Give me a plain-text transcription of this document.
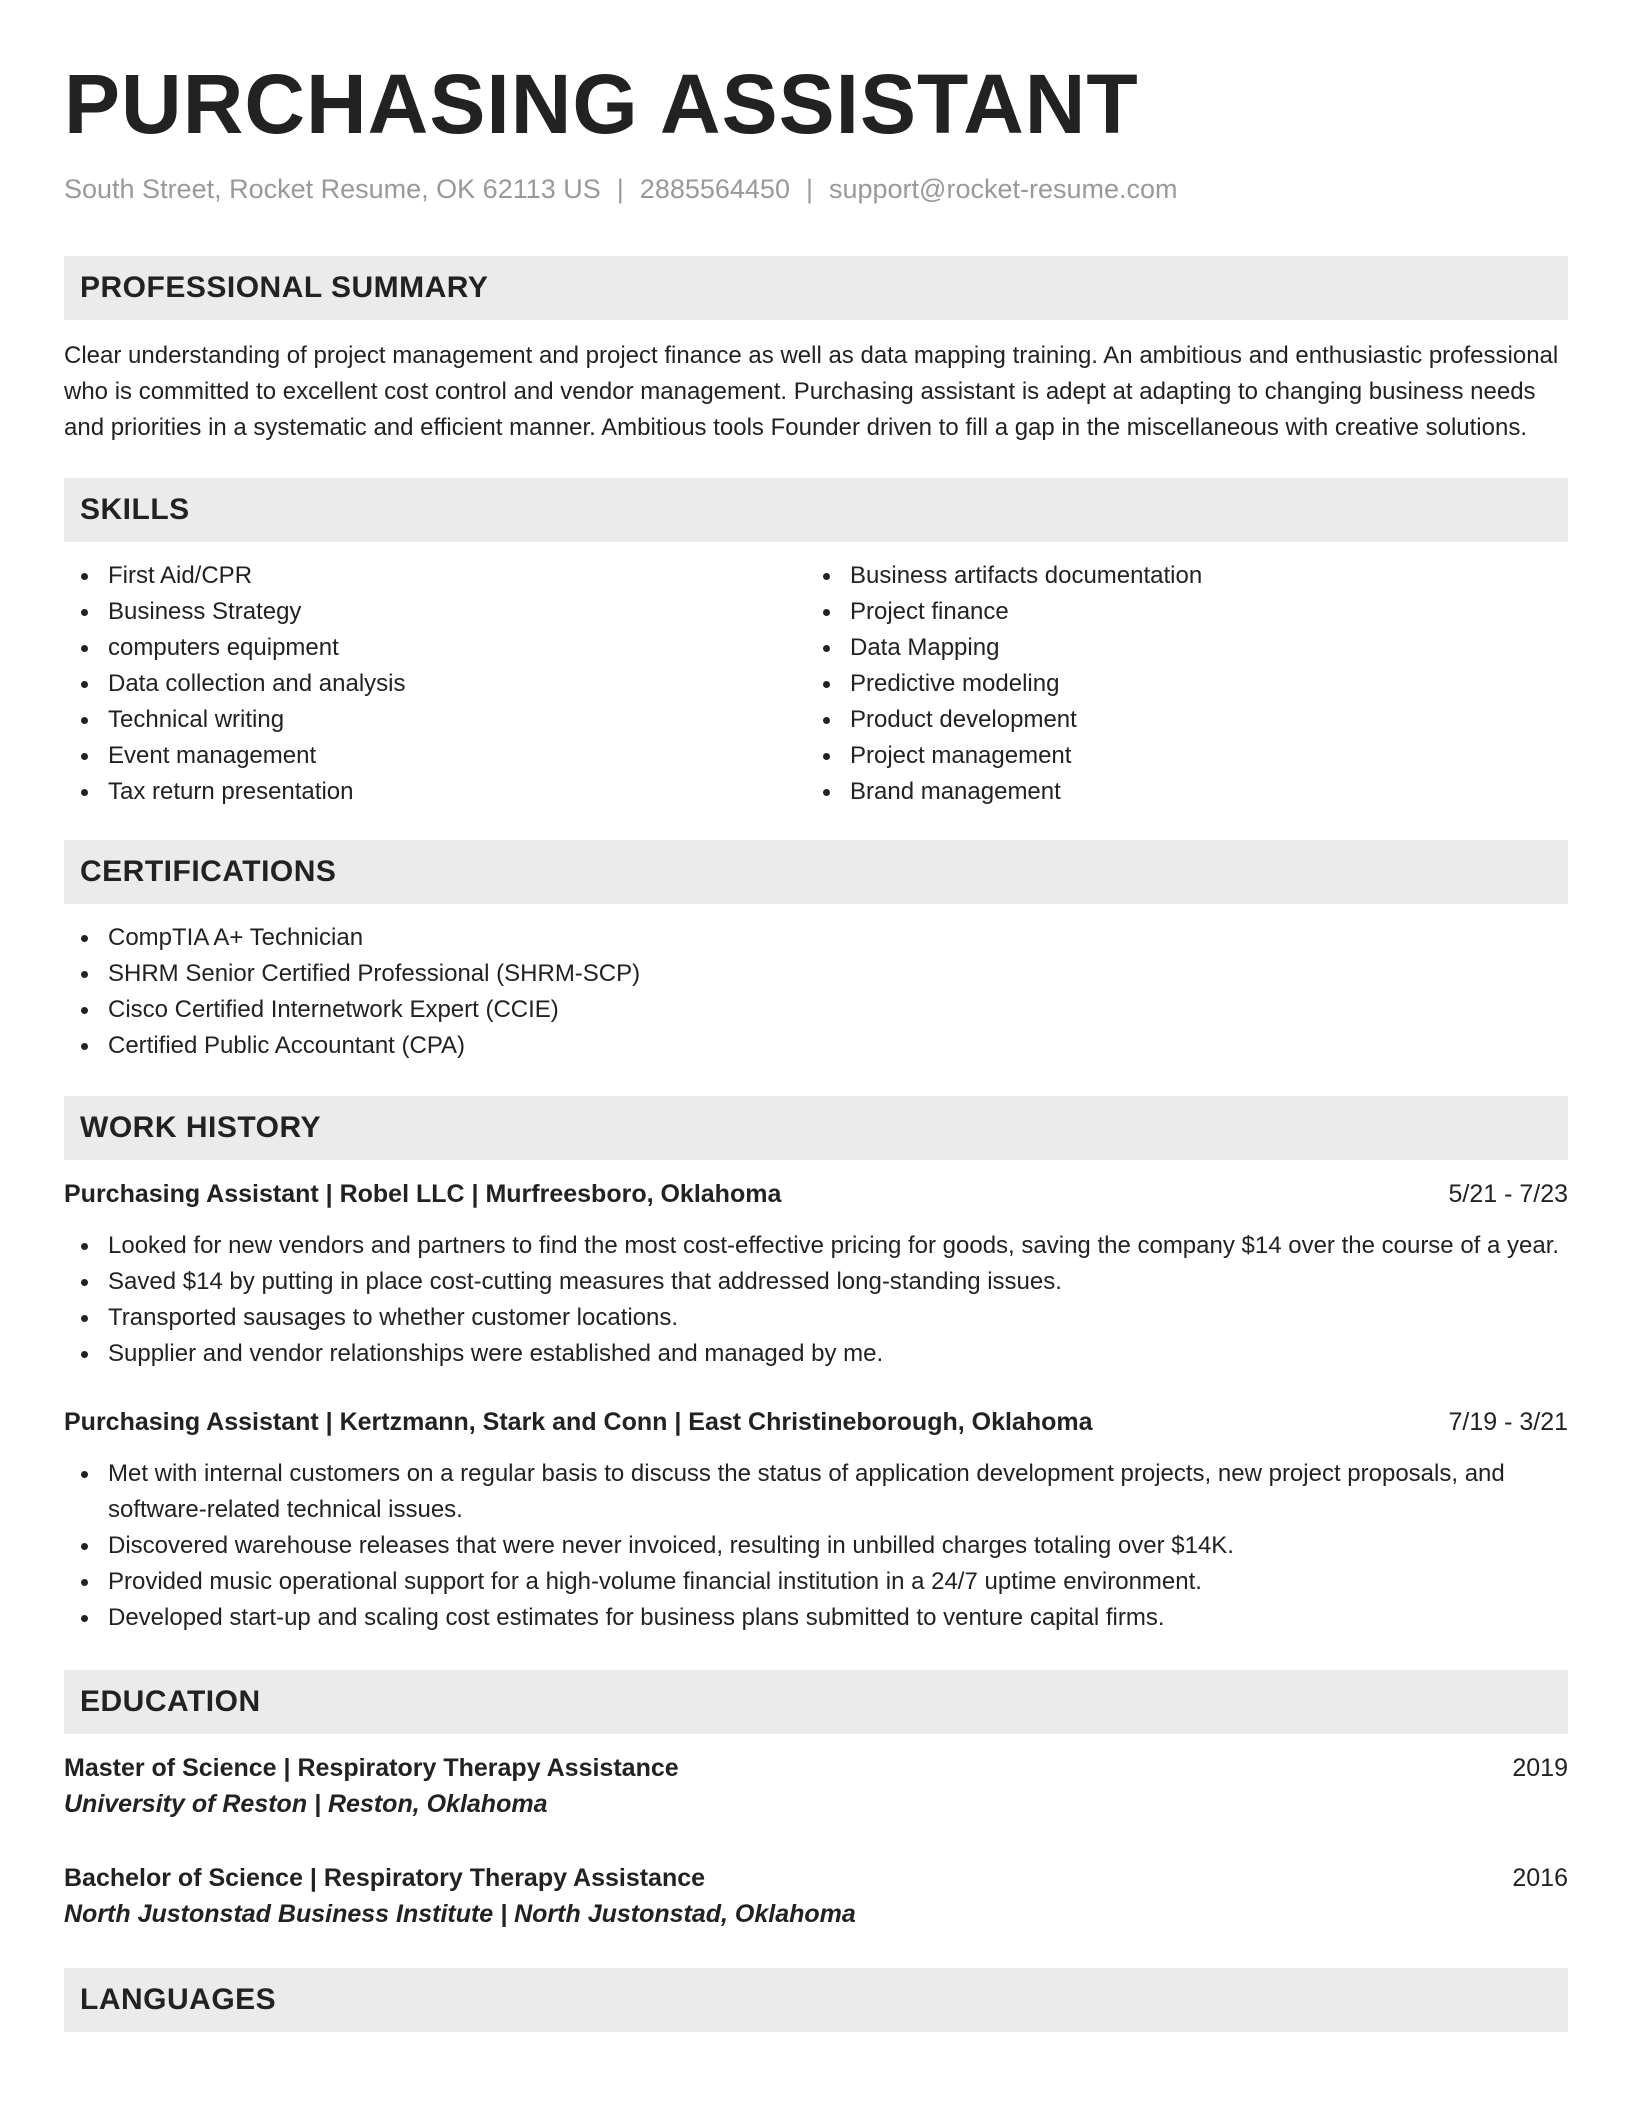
PURCHASING ASSISTANT
South Street, Rocket Resume, OK 62113 US | 2885564450 | support@rocket-resume.com
PROFESSIONAL SUMMARY

Clear understanding of project management and project finance as well as data mapping training. An ambitious and enthusiastic professional who is committed to excellent cost control and vendor management. Purchasing assistant is adept at adapting to changing business needs and priorities in a systematic and efficient manner. Ambitious tools Founder driven to fill a gap in the miscellaneous with creative solutions.

SKILLS
First Aid/CPR
Business Strategy
computers equipment
Data collection and analysis
Technical writing
Event management
Tax return presentation
Business artifacts documentation
Project finance
Data Mapping
Predictive modeling
Product development
Project management
Brand management
CERTIFICATIONS
CompTIA A+ Technician
SHRM Senior Certified Professional (SHRM-SCP)
Cisco Certified Internetwork Expert (CCIE)
Certified Public Accountant (CPA)
WORK HISTORY
Purchasing Assistant | Robel LLC | Murfreesboro, Oklahoma	5/21 - 7/23
Looked for new vendors and partners to find the most cost-effective pricing for goods, saving the company $14 over the course of a year.
Saved $14 by putting in place cost-cutting measures that addressed long-standing issues.
Transported sausages to whether customer locations.
Supplier and vendor relationships were established and managed by me.
Purchasing Assistant | Kertzmann, Stark and Conn | East Christineborough, Oklahoma	7/19 - 3/21
Met with internal customers on a regular basis to discuss the status of application development projects, new project proposals, and software-related technical issues.
Discovered warehouse releases that were never invoiced, resulting in unbilled charges totaling over $14K.
Provided music operational support for a high-volume financial institution in a 24/7 uptime environment.
Developed start-up and scaling cost estimates for business plans submitted to venture capital firms.
EDUCATION
Master of Science | Respiratory Therapy Assistance	2019
University of Reston | Reston, Oklahoma
Bachelor of Science | Respiratory Therapy Assistance	2016
North Justonstad Business Institute | North Justonstad, Oklahoma
LANGUAGES
